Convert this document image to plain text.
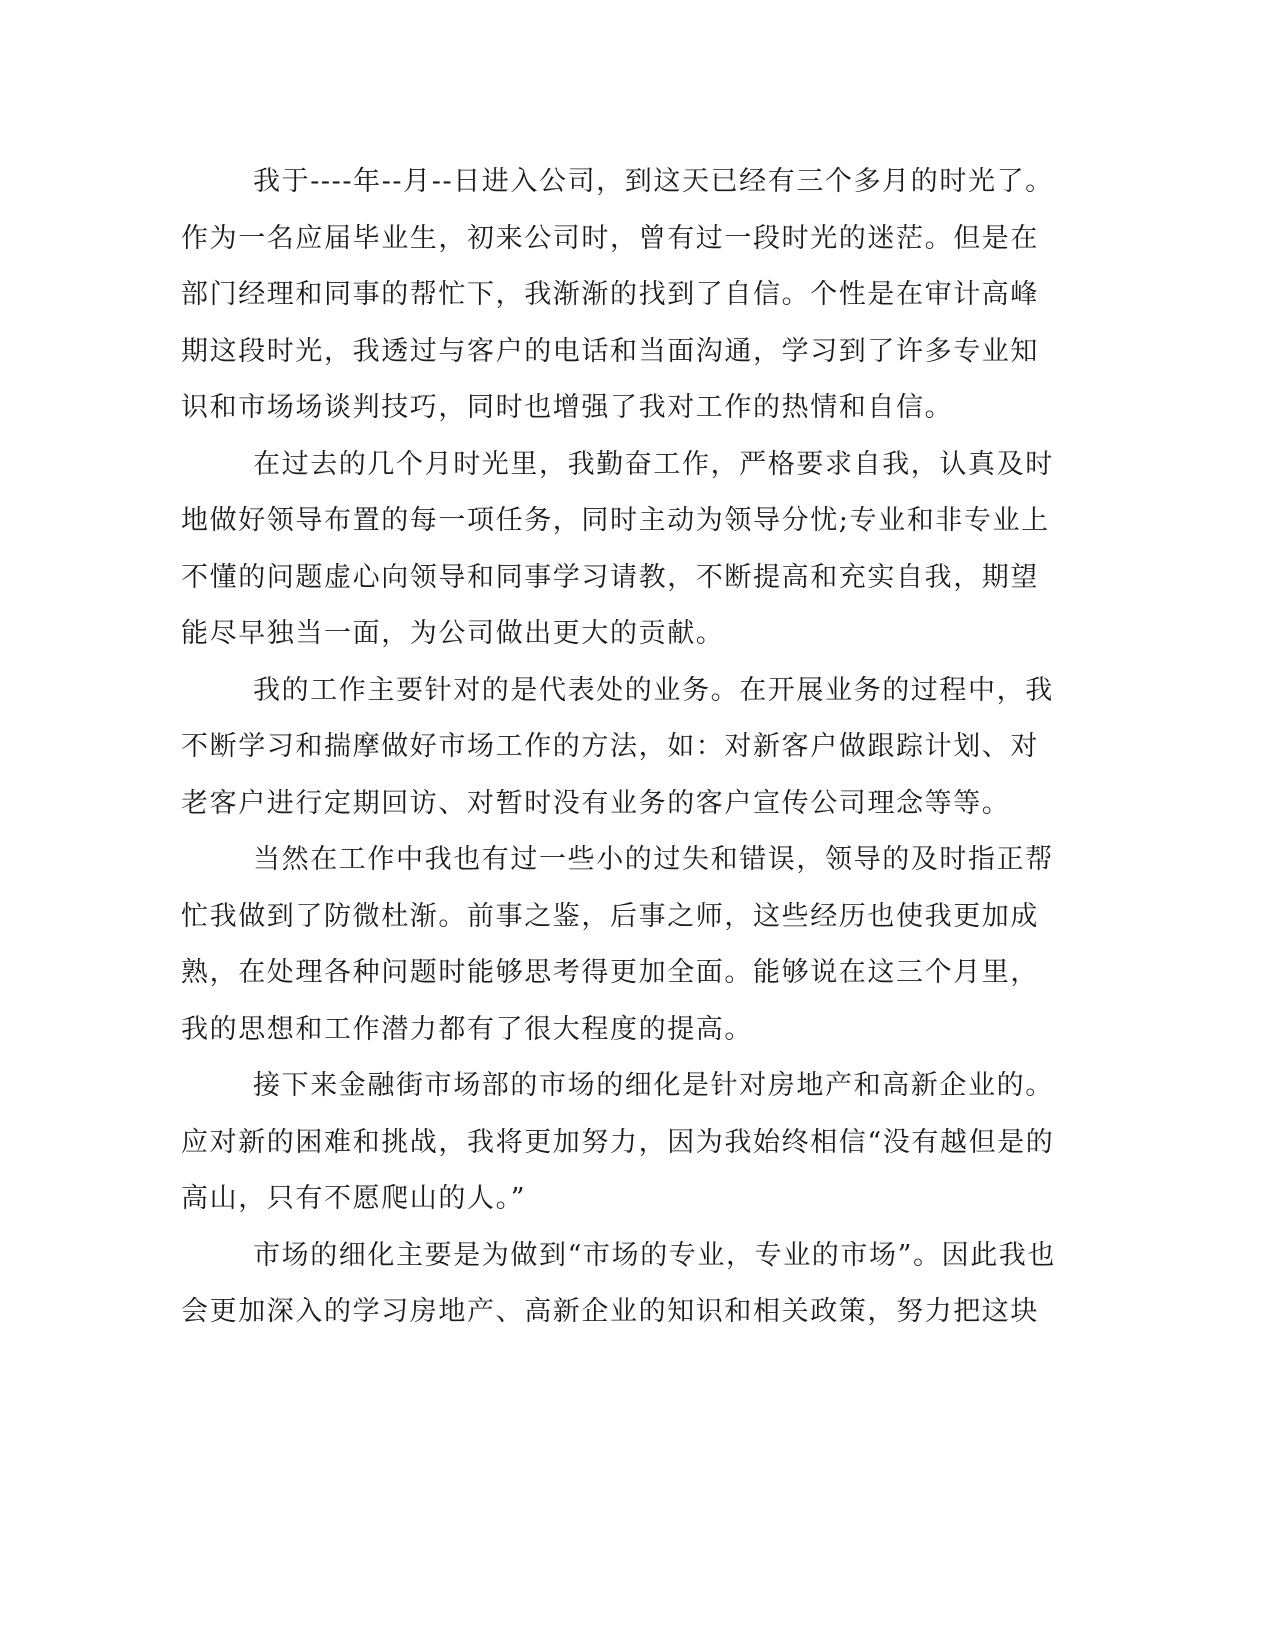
我于----年--月--日进入公司，到这天已经有三个多月的时光了。
作为一名应届毕业生，初来公司时，曾有过一段时光的迷茫。但是在
部门经理和同事的帮忙下，我渐渐的找到了自信。个性是在审计高峰
期这段时光，我透过与客户的电话和当面沟通，学习到了许多专业知
识和市场场谈判技巧，同时也增强了我对工作的热情和自信。
在过去的几个月时光里，我勤奋工作，严格要求自我，认真及时
地做好领导布置的每一项任务，同时主动为领导分忧;专业和非专业上
不懂的问题虚心向领导和同事学习请教，不断提高和充实自我，期望
能尽早独当一面，为公司做出更大的贡献。
我的工作主要针对的是代表处的业务。在开展业务的过程中，我
不断学习和揣摩做好市场工作的方法，如：对新客户做跟踪计划、对
老客户进行定期回访、对暂时没有业务的客户宣传公司理念等等。
当然在工作中我也有过一些小的过失和错误，领导的及时指正帮
忙我做到了防微杜渐。前事之鉴，后事之师，这些经历也使我更加成
熟，在处理各种问题时能够思考得更加全面。能够说在这三个月里，
我的思想和工作潜力都有了很大程度的提高。
接下来金融街市场部的市场的细化是针对房地产和高新企业的。
应对新的困难和挑战，我将更加努力，因为我始终相信“没有越但是的
高山，只有不愿爬山的人。”
市场的细化主要是为做到“市场的专业，专业的市场”。因此我也
会更加深入的学习房地产、高新企业的知识和相关政策，努力把这块
